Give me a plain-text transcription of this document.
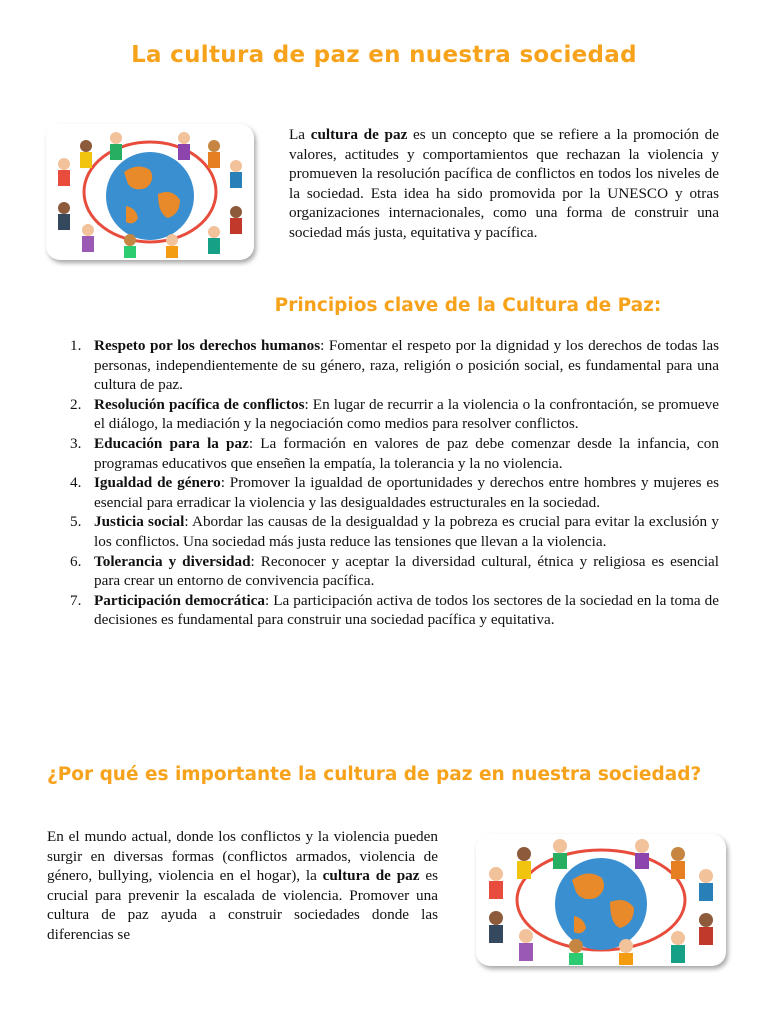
La cultura de paz en nuestra sociedad
La cultura de paz es un concepto que se refiere a la promoción de valores, actitudes y comportamientos que rechazan la violencia y promueven la resolución pacífica de conflictos en todos los niveles de la sociedad. Esta idea ha sido promovida por la UNESCO y otras organizaciones internacionales, como una forma de construir una sociedad más justa, equitativa y pacífica.
Principios clave de la Cultura de Paz:
1. Respeto por los derechos humanos: Fomentar el respeto por la dignidad y los derechos de todas las personas, independientemente de su género, raza, religión o posición social, es fundamental para una cultura de paz.
2. Resolución pacífica de conflictos: En lugar de recurrir a la violencia o la confrontación, se promueve el diálogo, la mediación y la negociación como medios para resolver conflictos.
3. Educación para la paz: La formación en valores de paz debe comenzar desde la infancia, con programas educativos que enseñen la empatía, la tolerancia y la no violencia.
4. Igualdad de género: Promover la igualdad de oportunidades y derechos entre hombres y mujeres es esencial para erradicar la violencia y las desigualdades estructurales en la sociedad.
5. Justicia social: Abordar las causas de la desigualdad y la pobreza es crucial para evitar la exclusión y los conflictos. Una sociedad más justa reduce las tensiones que llevan a la violencia.
6. Tolerancia y diversidad: Reconocer y aceptar la diversidad cultural, étnica y religiosa es esencial para crear un entorno de convivencia pacífica.
7. Participación democrática: La participación activa de todos los sectores de la sociedad en la toma de decisiones es fundamental para construir una sociedad pacífica y equitativa.
¿Por qué es importante la cultura de paz en nuestra sociedad?
En el mundo actual, donde los conflictos y la violencia pueden surgir en diversas formas (conflictos armados, violencia de género, bullying, violencia en el hogar), la cultura de paz es crucial para prevenir la escalada de violencia. Promover una cultura de paz ayuda a construir sociedades donde las diferencias se
